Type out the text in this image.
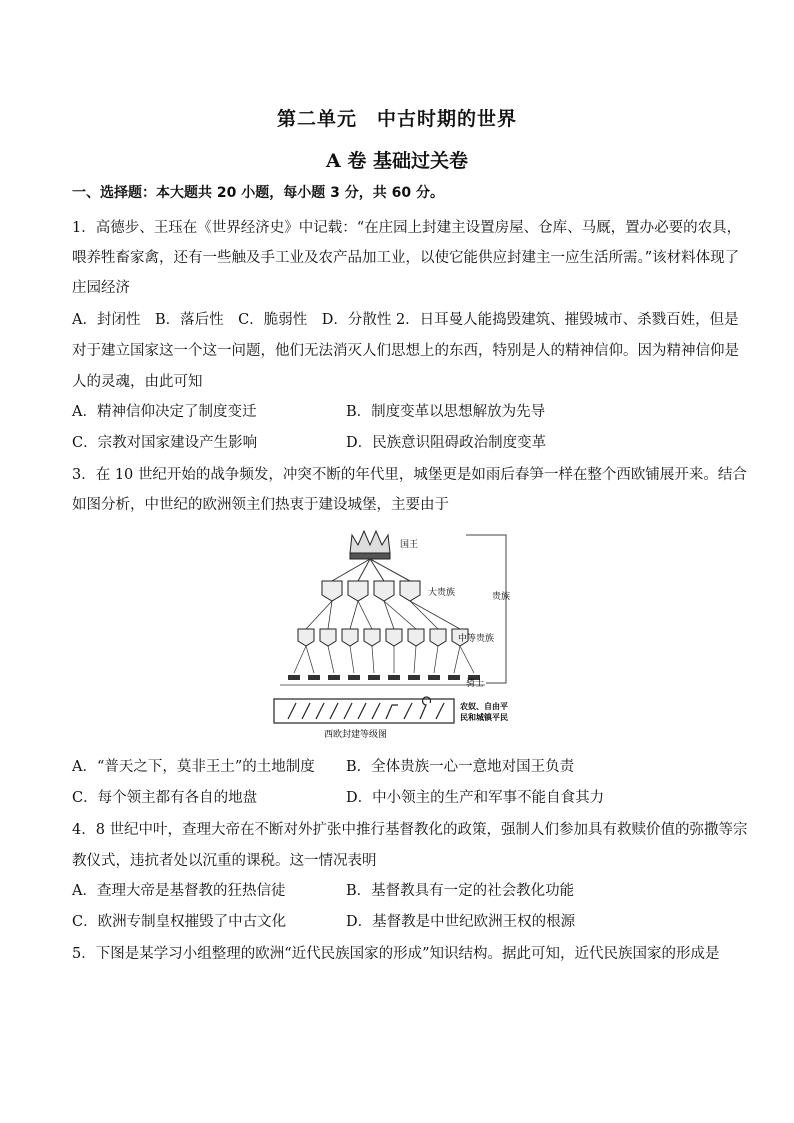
第二单元　中古时期的世界
A 卷 基础过关卷
一、选择题：本大题共 20 小题，每小题 3 分，共 60 分。
1．高德步、王珏在《世界经济史》中记载：“在庄园上封建主设置房屋、仓库、马厩，置办必要的农具，
喂养牲畜家禽，还有一些触及手工业及农产品加工业，以使它能供应封建主一应生活所需。”该材料体现了
庄园经济
A．封闭性　B．落后性　C．脆弱性　D．分散性 2．日耳曼人能捣毁建筑、摧毁城市、杀戮百姓，但是
对于建立国家这一个这一问题，他们无法消灭人们思想上的东西，特别是人的精神信仰。因为精神信仰是
人的灵魂，由此可知
A．精神信仰决定了制度变迁	B．制度变革以思想解放为先导
C．宗教对国家建设产生影响	D．民族意识阻碍政治制度变革
3．在 10 世纪开始的战争频发，冲突不断的年代里，城堡更是如雨后春笋一样在整个西欧铺展开来。结合
如图分析，中世纪的欧洲领主们热衷于建设城堡，主要由于
国王
大贵族	贵族
中等贵族
骑士
农奴、自由平
民和城镇平民
西欧封建等级图
A．“普天之下，莫非王土”的土地制度 B．全体贵族一心一意地对国王负责
C．每个领主都有各自的地盘	D．中小领主的生产和军事不能自食其力
4．8 世纪中叶，查理大帝在不断对外扩张中推行基督教化的政策，强制人们参加具有救赎价值的弥撒等宗
教仪式，违抗者处以沉重的课税。这一情况表明
A．查理大帝是基督教的狂热信徒	B．基督教具有一定的社会教化功能
C．欧洲专制皇权摧毁了中古文化	D．基督教是中世纪欧洲王权的根源
5．下图是某学习小组整理的欧洲“近代民族国家的形成”知识结构。据此可知，近代民族国家的形成是
